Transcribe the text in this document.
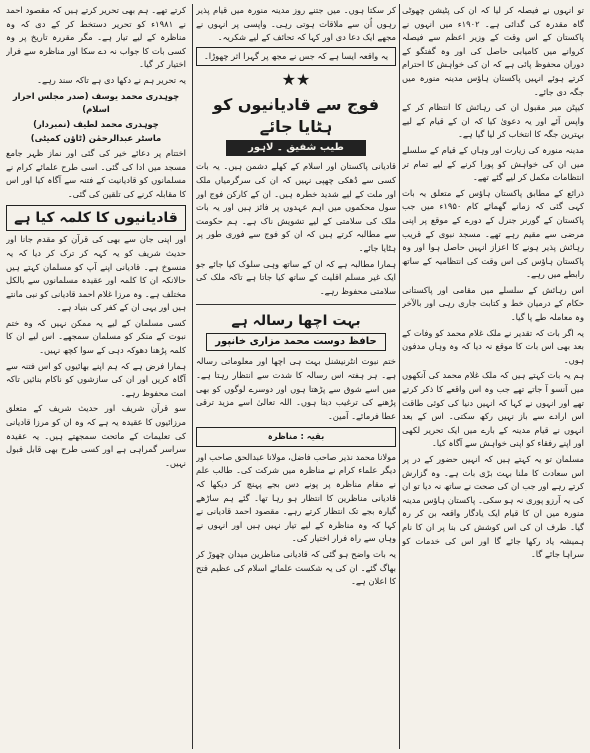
تو انہوں نے فیصلہ کر لیا کہ ان کی پٹیشن چھوٹی گاہ مقدرہ کی گدائی ہے۔ ۱۹۰۲ء میں انہوں نے پاکستان کے اس وقت کے وزیر اعظم سے فیصلہ کروانے میں کامیابی حاصل کی اور وہ گفتگو کے دوران محفوظ پائی ہے کہ ان کی خواہش کا احترام کرتے ہوئے انہیں پاکستان ہاؤس مدینہ منورہ میں جگہ دی جائے۔

کیپٹن میر مقبول ان کی رہائش کا انتظام کر کے واپس آئے اور یہ دعویٰ کیا کہ ان کے قیام کے لیے بہترین جگہ کا انتخاب کر لیا گیا ہے۔

مدینہ منورہ کی زیارت اور وہاں کے قیام کے سلسلے میں ان کی خواہش کو پورا کرنے کے لیے تمام تر انتظامات مکمل کر لیے گئے تھے۔

ذرائع کے مطابق پاکستان ہاؤس کے متعلق یہ بات کہی گئی کہ زمانے گھمائے کام ۱۹۵۰ء میں جب پاکستان کے گورنر جنرل کے دورے کے موقع پر اپنی مرضی سے مقیم رہے تھے۔ مسجد نبوی کے قریب رہائش پذیر ہونے کا اعزاز انہیں حاصل ہوا اور وہ پاکستان ہاؤس کی اس وقت کی انتظامیہ کے ساتھ رابطے میں رہے۔

اس رہائش کے سلسلے میں مقامی اور پاکستانی حکام کے درمیان خط و کتابت جاری رہی اور بالآخر وہ معاملہ طے پا گیا۔

یہ اگر بات کہ تقدیر نے ملک غلام محمد کو وفات کے بعد بھی اس بات کا موقع نہ دیا کہ وہ وہاں مدفون ہوں۔

ہم یہ بات کہتے ہیں کہ ملک غلام محمد کی آنکھوں میں آنسو آ جاتے تھے جب وہ اس واقعے کا ذکر کرتے تھے اور انہوں نے کہا کہ انہیں دنیا کی کوئی طاقت اس ارادے سے باز نہیں رکھ سکتی۔ اس کے بعد انہوں نے قیام مدینہ کے بارے میں ایک تحریر لکھی اور اپنے رفقاء کو اپنی خواہش سے آگاہ کیا۔

مسلمان تو یہ کہتے ہیں کہ انہیں حضور کے در پر اس سعادت کا ملنا بہت بڑی بات ہے۔ وہ گزارش کرتے رہے اور جب ان کی صحت نے ساتھ نہ دیا تو ان کی یہ آرزو پوری نہ ہو سکی۔ پاکستان ہاؤس مدینہ منورہ میں ان کا قیام ایک یادگار واقعہ بن کر رہ گیا۔ طرف ان کی اس کوشش کی بنا پر ان کا نام ہمیشہ یاد رکھا جائے گا اور اس کی خدمات کو سراہا جائے گا۔

کر سکتا ہوں۔ میں جتنے روز مدینہ منورہ میں قیام پذیر رہوں اُن سے ملاقات ہوتی رہی۔ واپسی پر انہوں نے مجھے ایک دعا دی اور کہا کہ تحائف کے لیے شکریہ۔

یہ واقعہ ایسا ہے کہ جس نے مجھ پر گہرا اثر چھوڑا۔

★★
فوج سے قادیانیوں کو ہٹایا جائے
طیب شفیق ۔ لاہور

قادیانی پاکستان اور اسلام کے کھلے دشمن ہیں۔ یہ بات کسی سے ڈھکی چھپی نہیں کہ ان کی سرگرمیاں ملک اور ملت کے لیے شدید خطرہ ہیں۔ ان کے کارکن فوج اور سول محکموں میں اہم عہدوں پر فائز ہیں اور یہ بات ملک کی سلامتی کے لیے تشویش ناک ہے۔ ہم حکومت سے مطالبہ کرتے ہیں کہ ان کو فوج سے فوری طور پر ہٹایا جائے۔

ہمارا مطالبہ ہے کہ ان کے ساتھ وہی سلوک کیا جائے جو ایک غیر مسلم اقلیت کے ساتھ کیا جاتا ہے تاکہ ملک کی سلامتی محفوظ رہے۔

بہت اچھا رسالہ ہے
حافظ دوست محمد مزاری خانپور

ختم نبوت انٹرنیشنل بہت ہی اچھا اور معلوماتی رسالہ ہے۔ ہر ہفتہ اس رسالہ کا شدت سے انتظار رہتا ہے۔ میں اسے شوق سے پڑھتا ہوں اور دوسرے لوگوں کو بھی پڑھنے کی ترغیب دیتا ہوں۔ اللہ تعالیٰ اسے مزید ترقی عطا فرمائے۔ آمین۔

بقیہ : مناظرہ

مولانا محمد نذیر صاحب فاضل، مولانا عبدالحق صاحب اور دیگر علماء کرام نے مناظرہ میں شرکت کی۔ طالب علم نے مقام مناظرہ پر پونے دس بجے پہنچ کر دیکھا کہ قادیانی مناظرین کا انتظار ہو رہا تھا۔ گئے ہم ساڑھے گیارہ بجے تک انتظار کرتے رہے۔ مقصود احمد قادیانی نے کہا کہ وہ مناظرہ کے لیے تیار نہیں ہیں اور انہوں نے وہاں سے راہ فرار اختیار کی۔

یہ بات واضح ہو گئی کہ قادیانی مناظرین میدان چھوڑ کر بھاگ گئے۔ ان کی یہ شکست علمائے اسلام کی عظیم فتح کا اعلان ہے۔

کرتے تھے۔ ہم بھی تحریر کرتے ہیں کہ مقصود احمد نے ۱۹۸۱ء کو تحریر دستخط کر کے دی کہ وہ مناظرہ کے لیے تیار ہے۔ مگر مقررہ تاریخ پر وہ کسی بات کا جواب نہ دے سکا اور مناظرہ سے فرار اختیار کر گیا۔

یہ تحریر ہم نے دکھا دی ہے تاکہ سند رہے۔

چوہدری محمد یوسف (صدر مجلس احرار اسلام)
چوہدری محمد لطیف (نمبردار)
ماسٹر عبدالرحمٰن (ٹاؤن کمیٹی)

اختتام پر دعائے خیر کی گئی اور نماز ظہر جامع مسجد میں ادا کی گئی۔ اسی طرح علمائے کرام نے مسلمانوں کو قادیانیت کے فتنہ سے آگاہ کیا اور اس کا مقابلہ کرنے کی تلقین کی گئی۔

قادیانیوں کا کلمہ کیا ہے

اور اپنی جان سے بھی کی قرآن کو مقدم جانا اور حدیث شریف کو یہ کہہ کر ترک کر دیا کہ یہ منسوخ ہے۔ قادیانی اپنے آپ کو مسلمان کہتے ہیں حالانکہ ان کا کلمہ اور عقیدہ مسلمانوں سے بالکل مختلف ہے۔ وہ مرزا غلام احمد قادیانی کو نبی مانتے ہیں اور یہی ان کے کفر کی بنیاد ہے۔

کسی مسلمان کے لیے یہ ممکن نہیں کہ وہ ختم نبوت کے منکر کو مسلمان سمجھے۔ اس لیے ان کا کلمہ پڑھنا دھوکہ دہی کے سوا کچھ نہیں۔

ہمارا فرض ہے کہ ہم اپنے بھائیوں کو اس فتنہ سے آگاہ کریں اور ان کی سازشوں کو ناکام بنائیں تاکہ امت محفوظ رہے۔

سو قرآن شریف اور حدیث شریف کے متعلق مرزائیوں کا عقیدہ یہ ہے کہ وہ ان کو مرزا قادیانی کی تعلیمات کے ماتحت سمجھتے ہیں۔ یہ عقیدہ سراسر گمراہی ہے اور کسی طرح بھی قابل قبول نہیں۔
